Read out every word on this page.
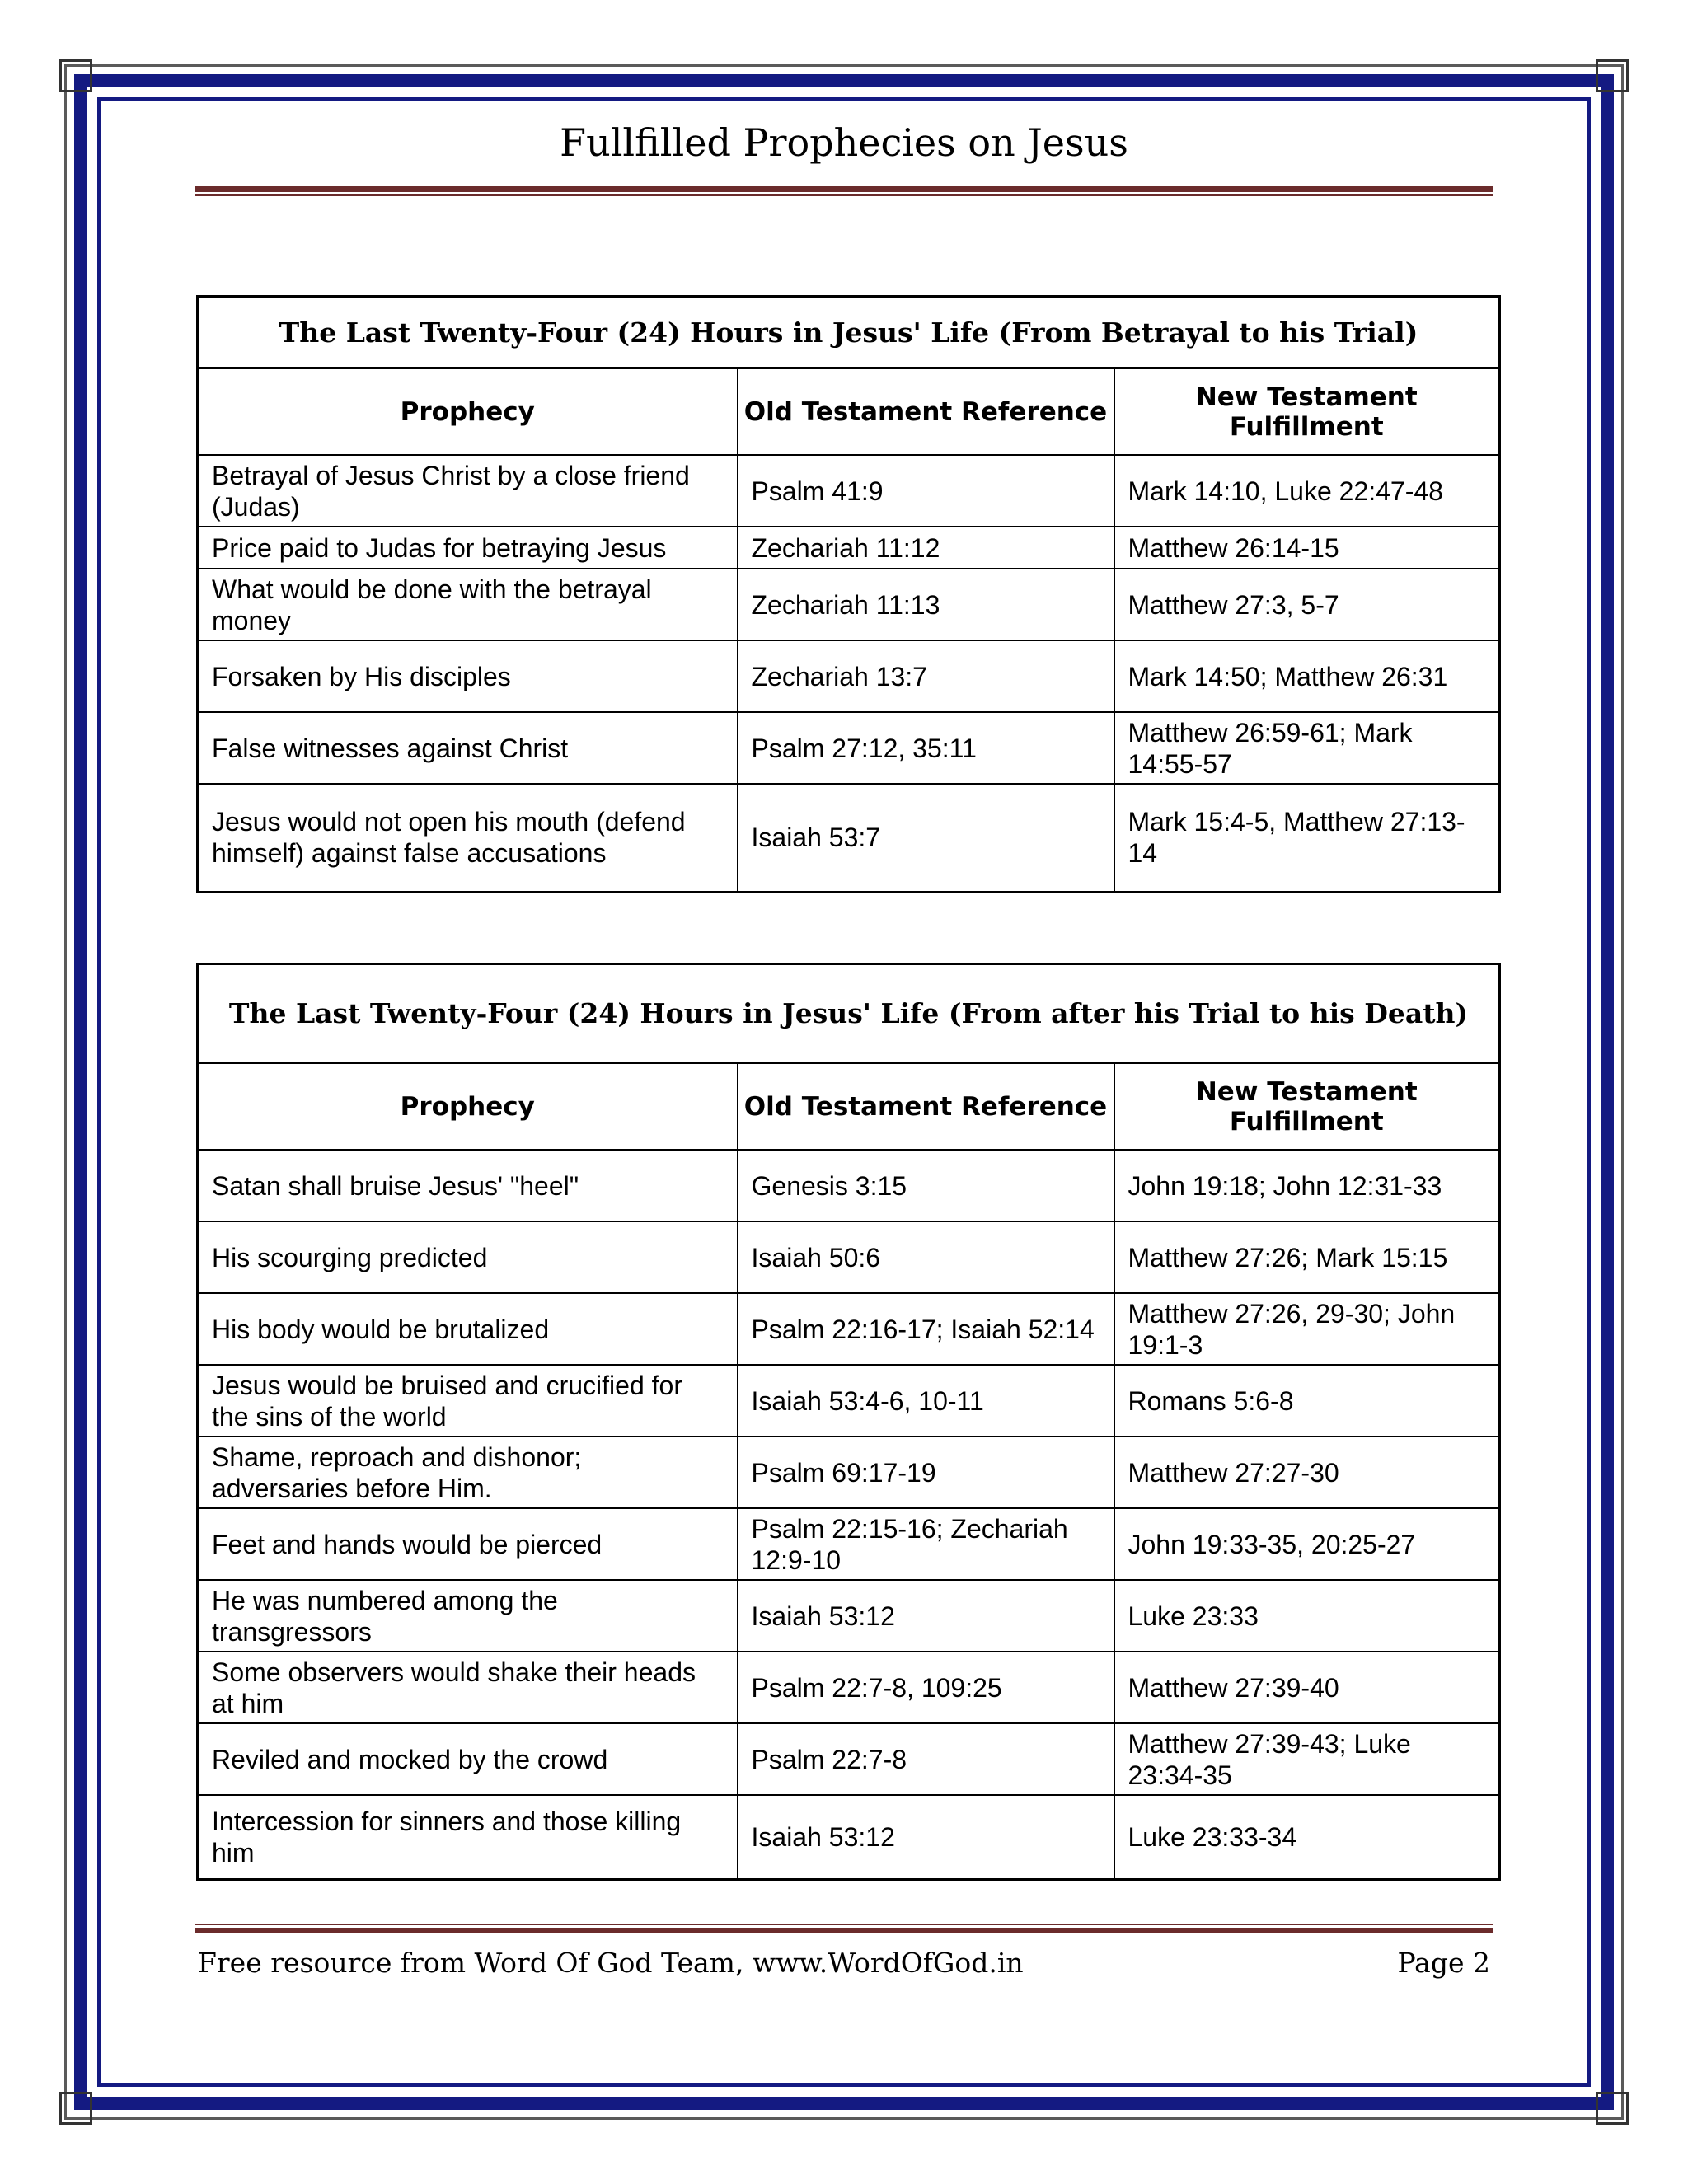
Fullfilled Prophecies on Jesus
The Last Twenty-Four (24) Hours in Jesus' Life (From Betrayal to his Trial)		
Prophecy	Old Testament Reference	New Testament Fulfillment
Betrayal of Jesus Christ by a close friend (Judas)	Psalm 41:9	Mark 14:10, Luke 22:47-48
Price paid to Judas for betraying Jesus	Zechariah 11:12	Matthew 26:14-15
What would be done with the betrayal money	Zechariah 11:13	Matthew 27:3, 5-7
Forsaken by His disciples	Zechariah 13:7	Mark 14:50; Matthew 26:31
False witnesses against Christ	Psalm 27:12, 35:11	Matthew 26:59-61; Mark 14:55-57
Jesus would not open his mouth (defend himself) against false accusations	Isaiah 53:7	Mark 15:4-5, Matthew 27:13-14
The Last Twenty-Four (24) Hours in Jesus' Life (From after his Trial to his Death)		
Prophecy	Old Testament Reference	New Testament Fulfillment
Satan shall bruise Jesus' "heel"	Genesis 3:15	John 19:18; John 12:31-33
His scourging predicted	Isaiah 50:6	Matthew 27:26; Mark 15:15
His body would be brutalized	Psalm 22:16-17; Isaiah 52:14	Matthew 27:26, 29-30; John 19:1-3
Jesus would be bruised and crucified for the sins of the world	Isaiah 53:4-6, 10-11	Romans 5:6-8
Shame, reproach and dishonor; adversaries before Him.	Psalm 69:17-19	Matthew 27:27-30
Feet and hands would be pierced	Psalm 22:15-16; Zechariah 12:9-10	John 19:33-35, 20:25-27
He was numbered among the transgressors	Isaiah 53:12	Luke 23:33
Some observers would shake their heads at him	Psalm 22:7-8, 109:25	Matthew 27:39-40
Reviled and mocked by the crowd	Psalm 22:7-8	Matthew 27:39-43; Luke 23:34-35
Intercession for sinners and those killing him	Isaiah 53:12	Luke 23:33-34
Free resource from Word Of God Team, www.WordOfGod.in	Page 2
